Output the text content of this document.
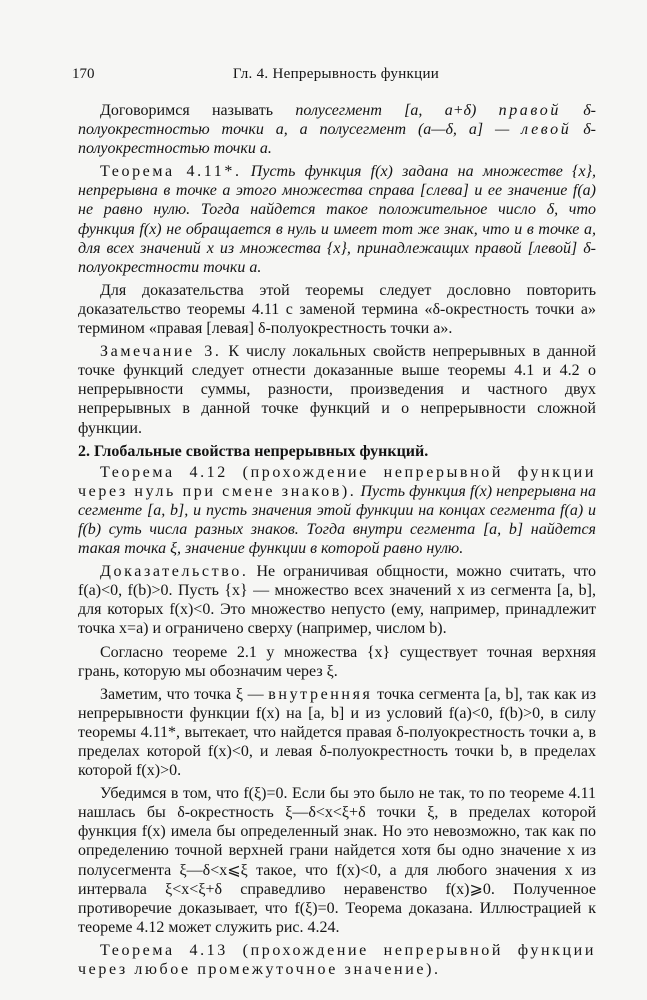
170	Гл. 4. Непрерывность функции

Договоримся называть полусегмент [a, a+δ) правой δ-полуокрестностью точки a, а полусегмент (a—δ, a] — левой δ-полуокрестностью точки a.

Теорема 4.11*. Пусть функция f(x) задана на множестве {x}, непрерывна в точке a этого множества справа [слева] и ее значение f(a) не равно нулю. Тогда найдется такое положительное число δ, что функция f(x) не обращается в нуль и имеет тот же знак, что и в точке a, для всех значений x из множества {x}, принадлежащих правой [левой] δ-полуокрестности точки a.

Для доказательства этой теоремы следует дословно повторить доказательство теоремы 4.11 с заменой термина «δ-окрестность точки a» термином «правая [левая] δ-полуокрестность точки a».

Замечание 3. К числу локальных свойств непрерывных в данной точке функций следует отнести доказанные выше теоремы 4.1 и 4.2 о непрерывности суммы, разности, произведения и частного двух непрерывных в данной точке функций и о непрерывности сложной функции.

2. Глобальные свойства непрерывных функций.

Теорема 4.12 (прохождение непрерывной функции через нуль при смене знаков). Пусть функция f(x) непрерывна на сегменте [a, b], и пусть значения этой функции на концах сегмента f(a) и f(b) суть числа разных знаков. Тогда внутри сегмента [a, b] найдется такая точка ξ, значение функции в которой равно нулю.

Доказательство. Не ограничивая общности, можно считать, что f(a)<0, f(b)>0. Пусть {x} — множество всех значений x из сегмента [a, b], для которых f(x)<0. Это множество непусто (ему, например, принадлежит точка x=a) и ограничено сверху (например, числом b).

Согласно теореме 2.1 у множества {x} существует точная верхняя грань, которую мы обозначим через ξ.

Заметим, что точка ξ — внутренняя точка сегмента [a, b], так как из непрерывности функции f(x) на [a, b] и из условий f(a)<0, f(b)>0, в силу теоремы 4.11*, вытекает, что найдется правая δ-полуокрестность точки a, в пределах которой f(x)<0, и левая δ-полуокрестность точки b, в пределах которой f(x)>0.

Убедимся в том, что f(ξ)=0. Если бы это было не так, то по теореме 4.11 нашлась бы δ-окрестность ξ—δ<x<ξ+δ точки ξ, в пределах которой функция f(x) имела бы определенный знак. Но это невозможно, так как по определению точной верхней грани найдется хотя бы одно значение x из полусегмента ξ—δ<x⩽ξ такое, что f(x)<0, а для любого значения x из интервала ξ<x<ξ+δ справедливо неравенство f(x)⩾0. Полученное противоречие доказывает, что f(ξ)=0. Теорема доказана. Иллюстрацией к теореме 4.12 может служить рис. 4.24.

Теорема 4.13 (прохождение непрерывной функции через любое промежуточное значение).
